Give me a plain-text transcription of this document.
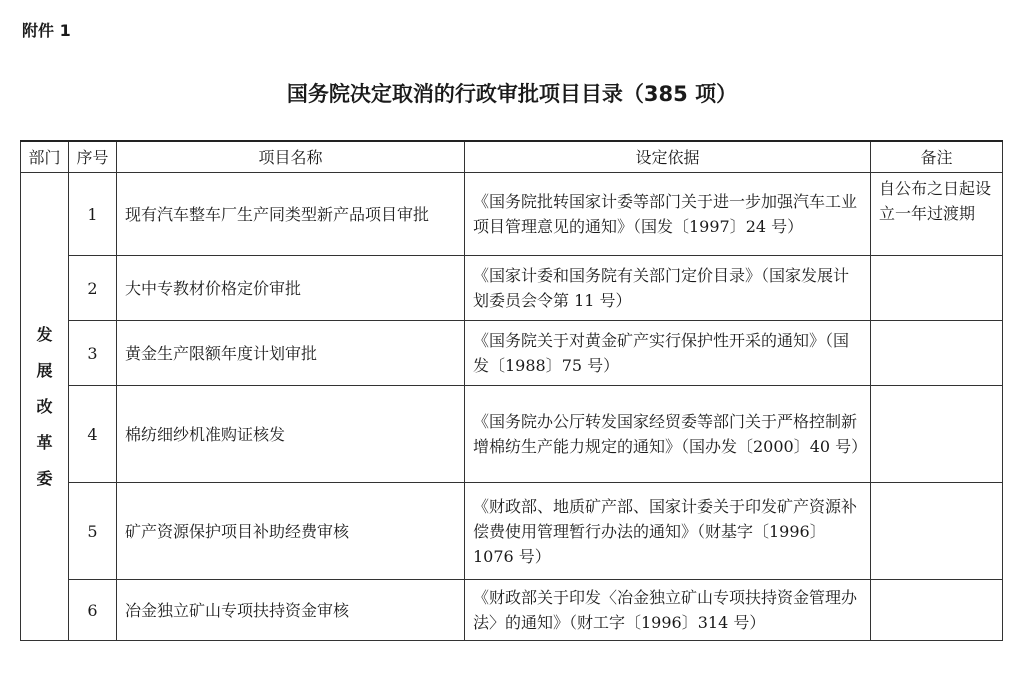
附件 1
国务院决定取消的行政审批项目目录（385 项）
部门	序号	项目名称	设定依据	备注

发
展
改
革
委	1	现有汽车整车厂生产同类型新产品项目审批	《国务院批转国家计委等部门关于进一步加强汽车工业项目管理意见的通知》（国发〔1997〕24 号）	自公布之日起设立一年过渡期
	2	大中专教材价格定价审批	《国家计委和国务院有关部门定价目录》（国家发展计划委员会令第 11 号）	
	3	黄金生产限额年度计划审批	《国务院关于对黄金矿产实行保护性开采的通知》（国发〔1988〕75 号）	
	4	棉纺细纱机准购证核发	《国务院办公厅转发国家经贸委等部门关于严格控制新增棉纺生产能力规定的通知》（国办发〔2000〕40 号）	
	5	矿产资源保护项目补助经费审核	《财政部、地质矿产部、国家计委关于印发矿产资源补偿费使用管理暂行办法的通知》（财基字〔1996〕1076 号）	
	6	冶金独立矿山专项扶持资金审核	《财政部关于印发〈冶金独立矿山专项扶持资金管理办法〉的通知》（财工字〔1996〕314 号）	
